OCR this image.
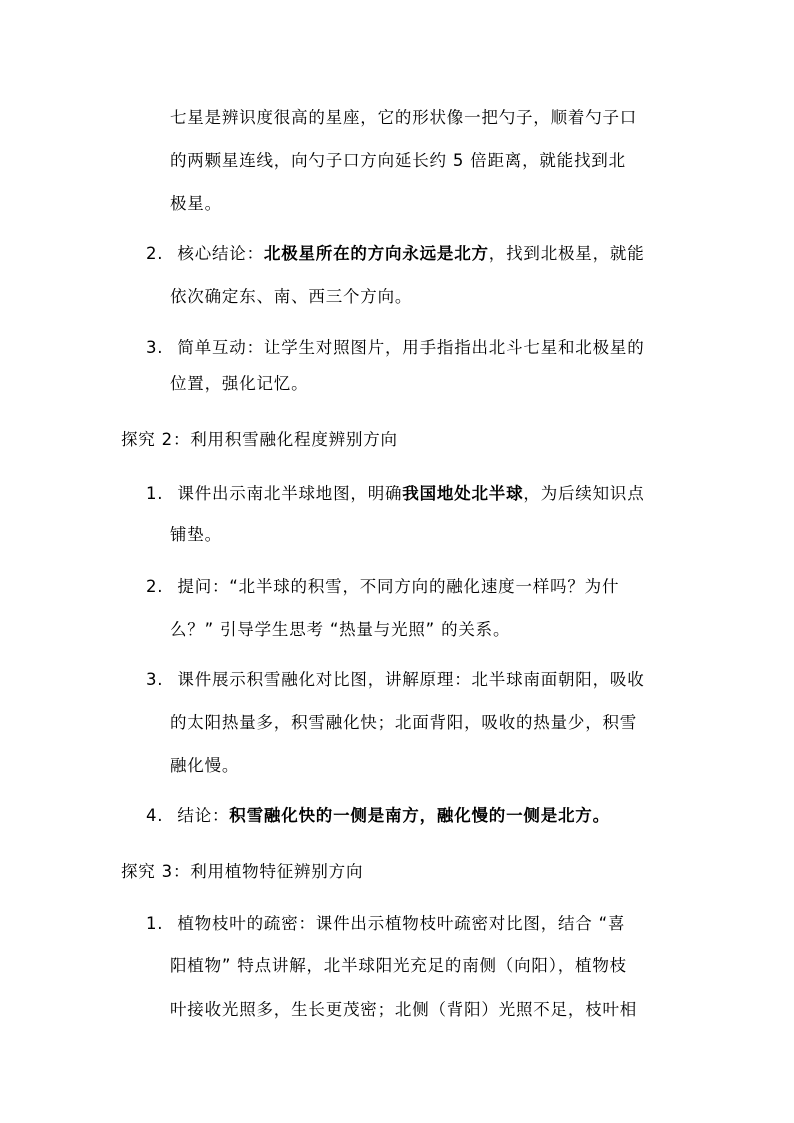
七星是辨识度很高的星座，它的形状像一把勺子，顺着勺子口
的两颗星连线，向勺子口方向延长约 5 倍距离，就能找到北
极星。
2. 核心结论：北极星所在的方向永远是北方，找到北极星，就能
依次确定东、南、西三个方向。
3. 简单互动：让学生对照图片，用手指指出北斗七星和北极星的
位置，强化记忆。
探究 2：利用积雪融化程度辨别方向
1. 课件出示南北半球地图，明确我国地处北半球，为后续知识点
铺垫。
2. 提问：“北半球的积雪，不同方向的融化速度一样吗？为什
么？” 引导学生思考 “热量与光照” 的关系。
3. 课件展示积雪融化对比图，讲解原理：北半球南面朝阳，吸收
的太阳热量多，积雪融化快；北面背阳，吸收的热量少，积雪
融化慢。
4. 结论：积雪融化快的一侧是南方，融化慢的一侧是北方。
探究 3：利用植物特征辨别方向
1. 植物枝叶的疏密：课件出示植物枝叶疏密对比图，结合 “喜
阳植物” 特点讲解，北半球阳光充足的南侧（向阳），植物枝
叶接收光照多，生长更茂密；北侧（背阳）光照不足，枝叶相
